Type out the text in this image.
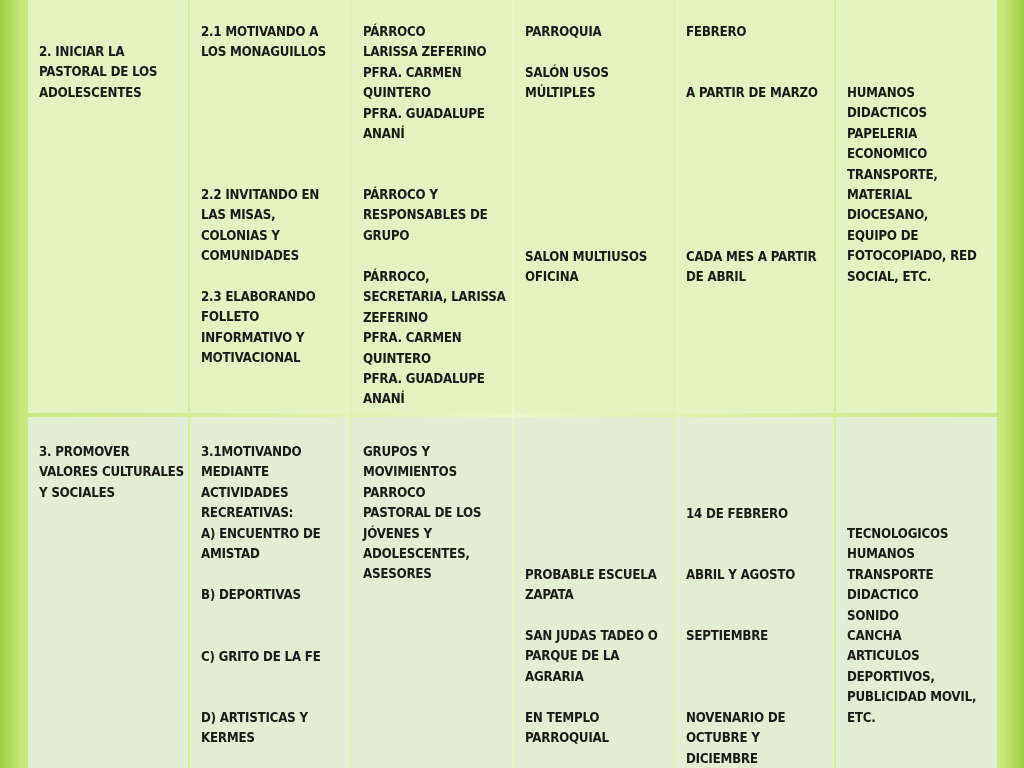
2. INICIAR LA
PASTORAL DE LOS
ADOLESCENTES
2.1 MOTIVANDO A
LOS MONAGUILLOS
2.2 INVITANDO EN
LAS MISAS,
COLONIAS Y
COMUNIDADES
2.3 ELABORANDO
FOLLETO
INFORMATIVO Y
MOTIVACIONAL
PÁRROCO
LARISSA ZEFERINO
PFRA. CARMEN
QUINTERO
PFRA. GUADALUPE
ANANÍ
PÁRROCO Y
RESPONSABLES DE
GRUPO
PÁRROCO,
SECRETARIA, LARISSA
ZEFERINO
PFRA. CARMEN
QUINTERO
PFRA. GUADALUPE
ANANÍ
PARROQUIA
SALÓN USOS
MÚLTIPLES
SALON MULTIUSOS
OFICINA
FEBRERO
A PARTIR DE MARZO
CADA MES A PARTIR
DE ABRIL
HUMANOS
DIDACTICOS
PAPELERIA
ECONOMICO
TRANSPORTE,
MATERIAL
DIOCESANO,
EQUIPO DE
FOTOCOPIADO, RED
SOCIAL, ETC.
3. PROMOVER
VALORES CULTURALES
Y SOCIALES
3.1MOTIVANDO
MEDIANTE
ACTIVIDADES
RECREATIVAS:
A) ENCUENTRO DE
AMISTAD
B) DEPORTIVAS
C) GRITO DE LA FE
D) ARTISTICAS Y
KERMES
GRUPOS Y
MOVIMIENTOS
PARROCO
PASTORAL DE LOS
JÓVENES Y
ADOLESCENTES,
ASESORES	PROBABLE ESCUELA
ZAPATA
SAN JUDAS TADEO O
PARQUE DE LA
AGRARIA
EN TEMPLO
PARROQUIAL
14 DE FEBRERO
ABRIL Y AGOSTO
SEPTIEMBRE
NOVENARIO DE
OCTUBRE Y
DICIEMBRE
TECNOLOGICOS
HUMANOS
TRANSPORTE
DIDACTICO
SONIDO
CANCHA
ARTICULOS
DEPORTIVOS,
PUBLICIDAD MOVIL,
ETC.
